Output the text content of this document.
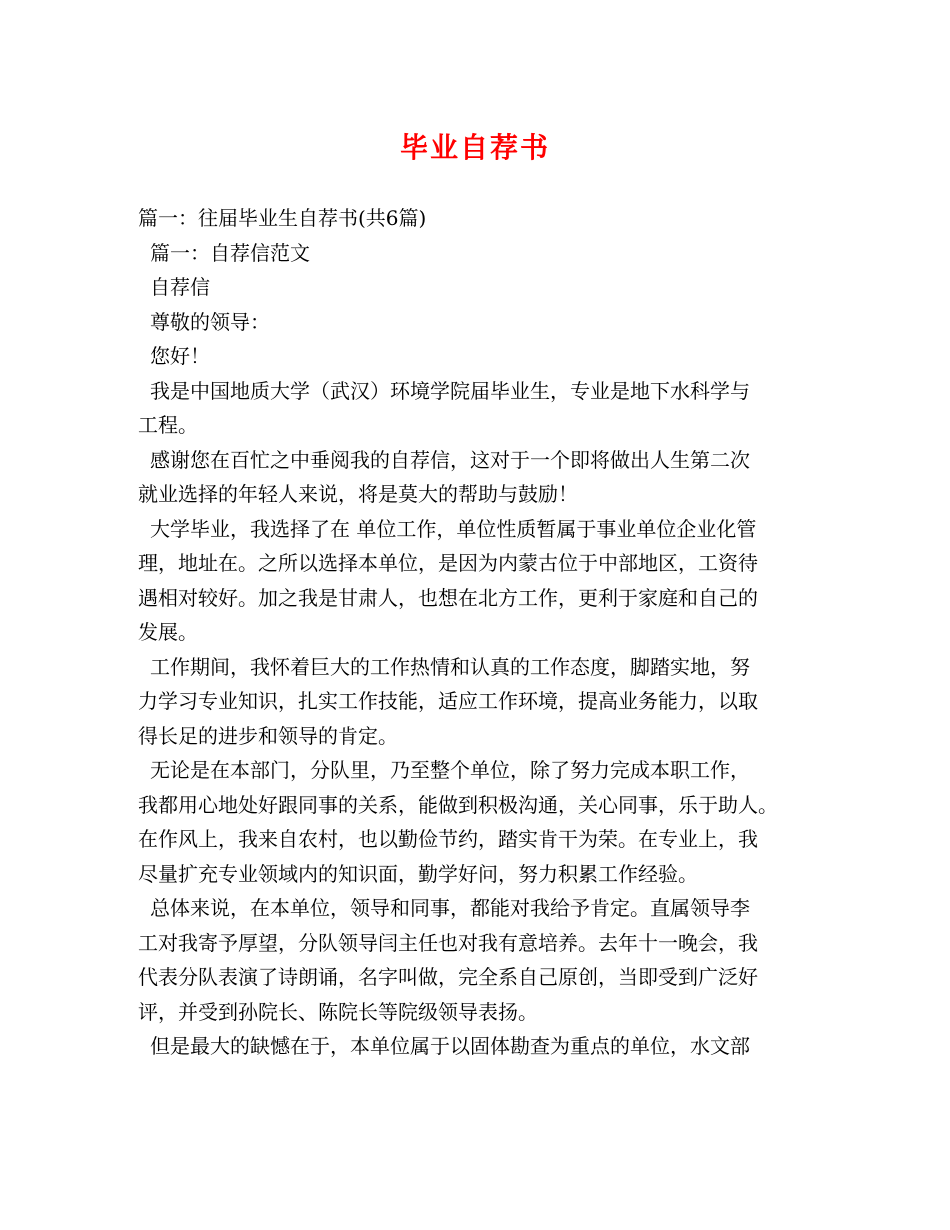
毕业自荐书
篇一：往届毕业生自荐书(共6篇)
篇一：自荐信范文
自荐信
尊敬的领导：
您好！
我是中国地质大学（武汉）环境学院届毕业生，专业是地下水科学与
工程。
感谢您在百忙之中垂阅我的自荐信，这对于一个即将做出人生第二次
就业选择的年轻人来说，将是莫大的帮助与鼓励！
大学毕业，我选择了在 单位工作，单位性质暂属于事业单位企业化管
理，地址在。之所以选择本单位，是因为内蒙古位于中部地区，工资待
遇相对较好。加之我是甘肃人，也想在北方工作，更利于家庭和自己的
发展。
工作期间，我怀着巨大的工作热情和认真的工作态度，脚踏实地，努
力学习专业知识，扎实工作技能，适应工作环境，提高业务能力，以取
得长足的进步和领导的肯定。
无论是在本部门，分队里，乃至整个单位，除了努力完成本职工作，
我都用心地处好跟同事的关系，能做到积极沟通，关心同事，乐于助人。
在作风上，我来自农村，也以勤俭节约，踏实肯干为荣。在专业上，我
尽量扩充专业领域内的知识面，勤学好问，努力积累工作经验。
总体来说，在本单位，领导和同事，都能对我给予肯定。直属领导李
工对我寄予厚望，分队领导闫主任也对我有意培养。去年十一晚会，我
代表分队表演了诗朗诵，名字叫做，完全系自己原创，当即受到广泛好
评，并受到孙院长、陈院长等院级领导表扬。
但是最大的缺憾在于，本单位属于以固体勘查为重点的单位，水文部
